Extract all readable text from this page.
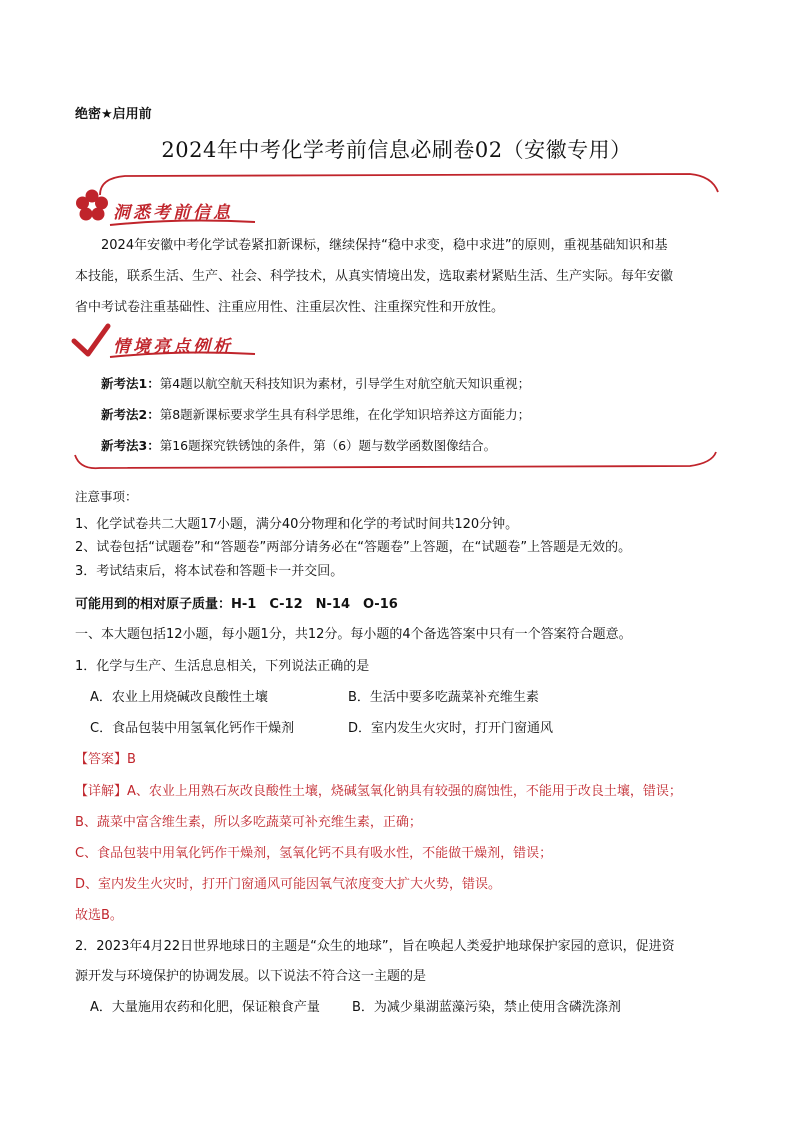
绝密★启用前
2024年中考化学考前信息必刷卷02（安徽专用）
洞悉考前信息

2024年安徽中考化学试卷紧扣新课标，继续保持“稳中求变，稳中求进”的原则，重视基础知识和基

本技能，联系生活、生产、社会、科学技术，从真实情境出发，选取素材紧贴生活、生产实际。每年安徽

省中考试卷注重基础性、注重应用性、注重层次性、注重探究性和开放性。

情境亮点例析
新考法1：第4题以航空航天科技知识为素材，引导学生对航空航天知识重视；
新考法2：第8题新课标要求学生具有科学思维，在化学知识培养这方面能力；
新考法3：第16题探究铁锈蚀的条件，第（6）题与数学函数图像结合。
注意事项：
1、化学试卷共二大题17小题，满分40分物理和化学的考试时间共120分钟。
2、试卷包括“试题卷”和“答题卷”两部分请务必在“答题卷”上答题，在“试题卷”上答题是无效的。
3．考试结束后，将本试卷和答题卡一并交回。
可能用到的相对原子质量：H-1　C-12　N-14　O-16
一、本大题包括12小题，每小题1分，共12分。每小题的4个备选答案中只有一个答案符合题意。
1．化学与生产、生活息息相关，下列说法正确的是
A．农业上用烧碱改良酸性土壤	B．生活中要多吃蔬菜补充维生素
C．食品包装中用氢氧化钙作干燥剂	D．室内发生火灾时，打开门窗通风
【答案】B
【详解】A、农业上用熟石灰改良酸性土壤，烧碱氢氧化钠具有较强的腐蚀性，不能用于改良土壤，错误；
B、蔬菜中富含维生素，所以多吃蔬菜可补充维生素，正确；
C、食品包装中用氧化钙作干燥剂，氢氧化钙不具有吸水性，不能做干燥剂，错误；
D、室内发生火灾时，打开门窗通风可能因氧气浓度变大扩大火势，错误。
故选B。
2．2023年4月22日世界地球日的主题是“众生的地球”，旨在唤起人类爱护地球保护家园的意识，促进资
源开发与环境保护的协调发展。以下说法不符合这一主题的是
A．大量施用农药和化肥，保证粮食产量 B．为减少巢湖蓝藻污染，禁止使用含磷洗涤剂
